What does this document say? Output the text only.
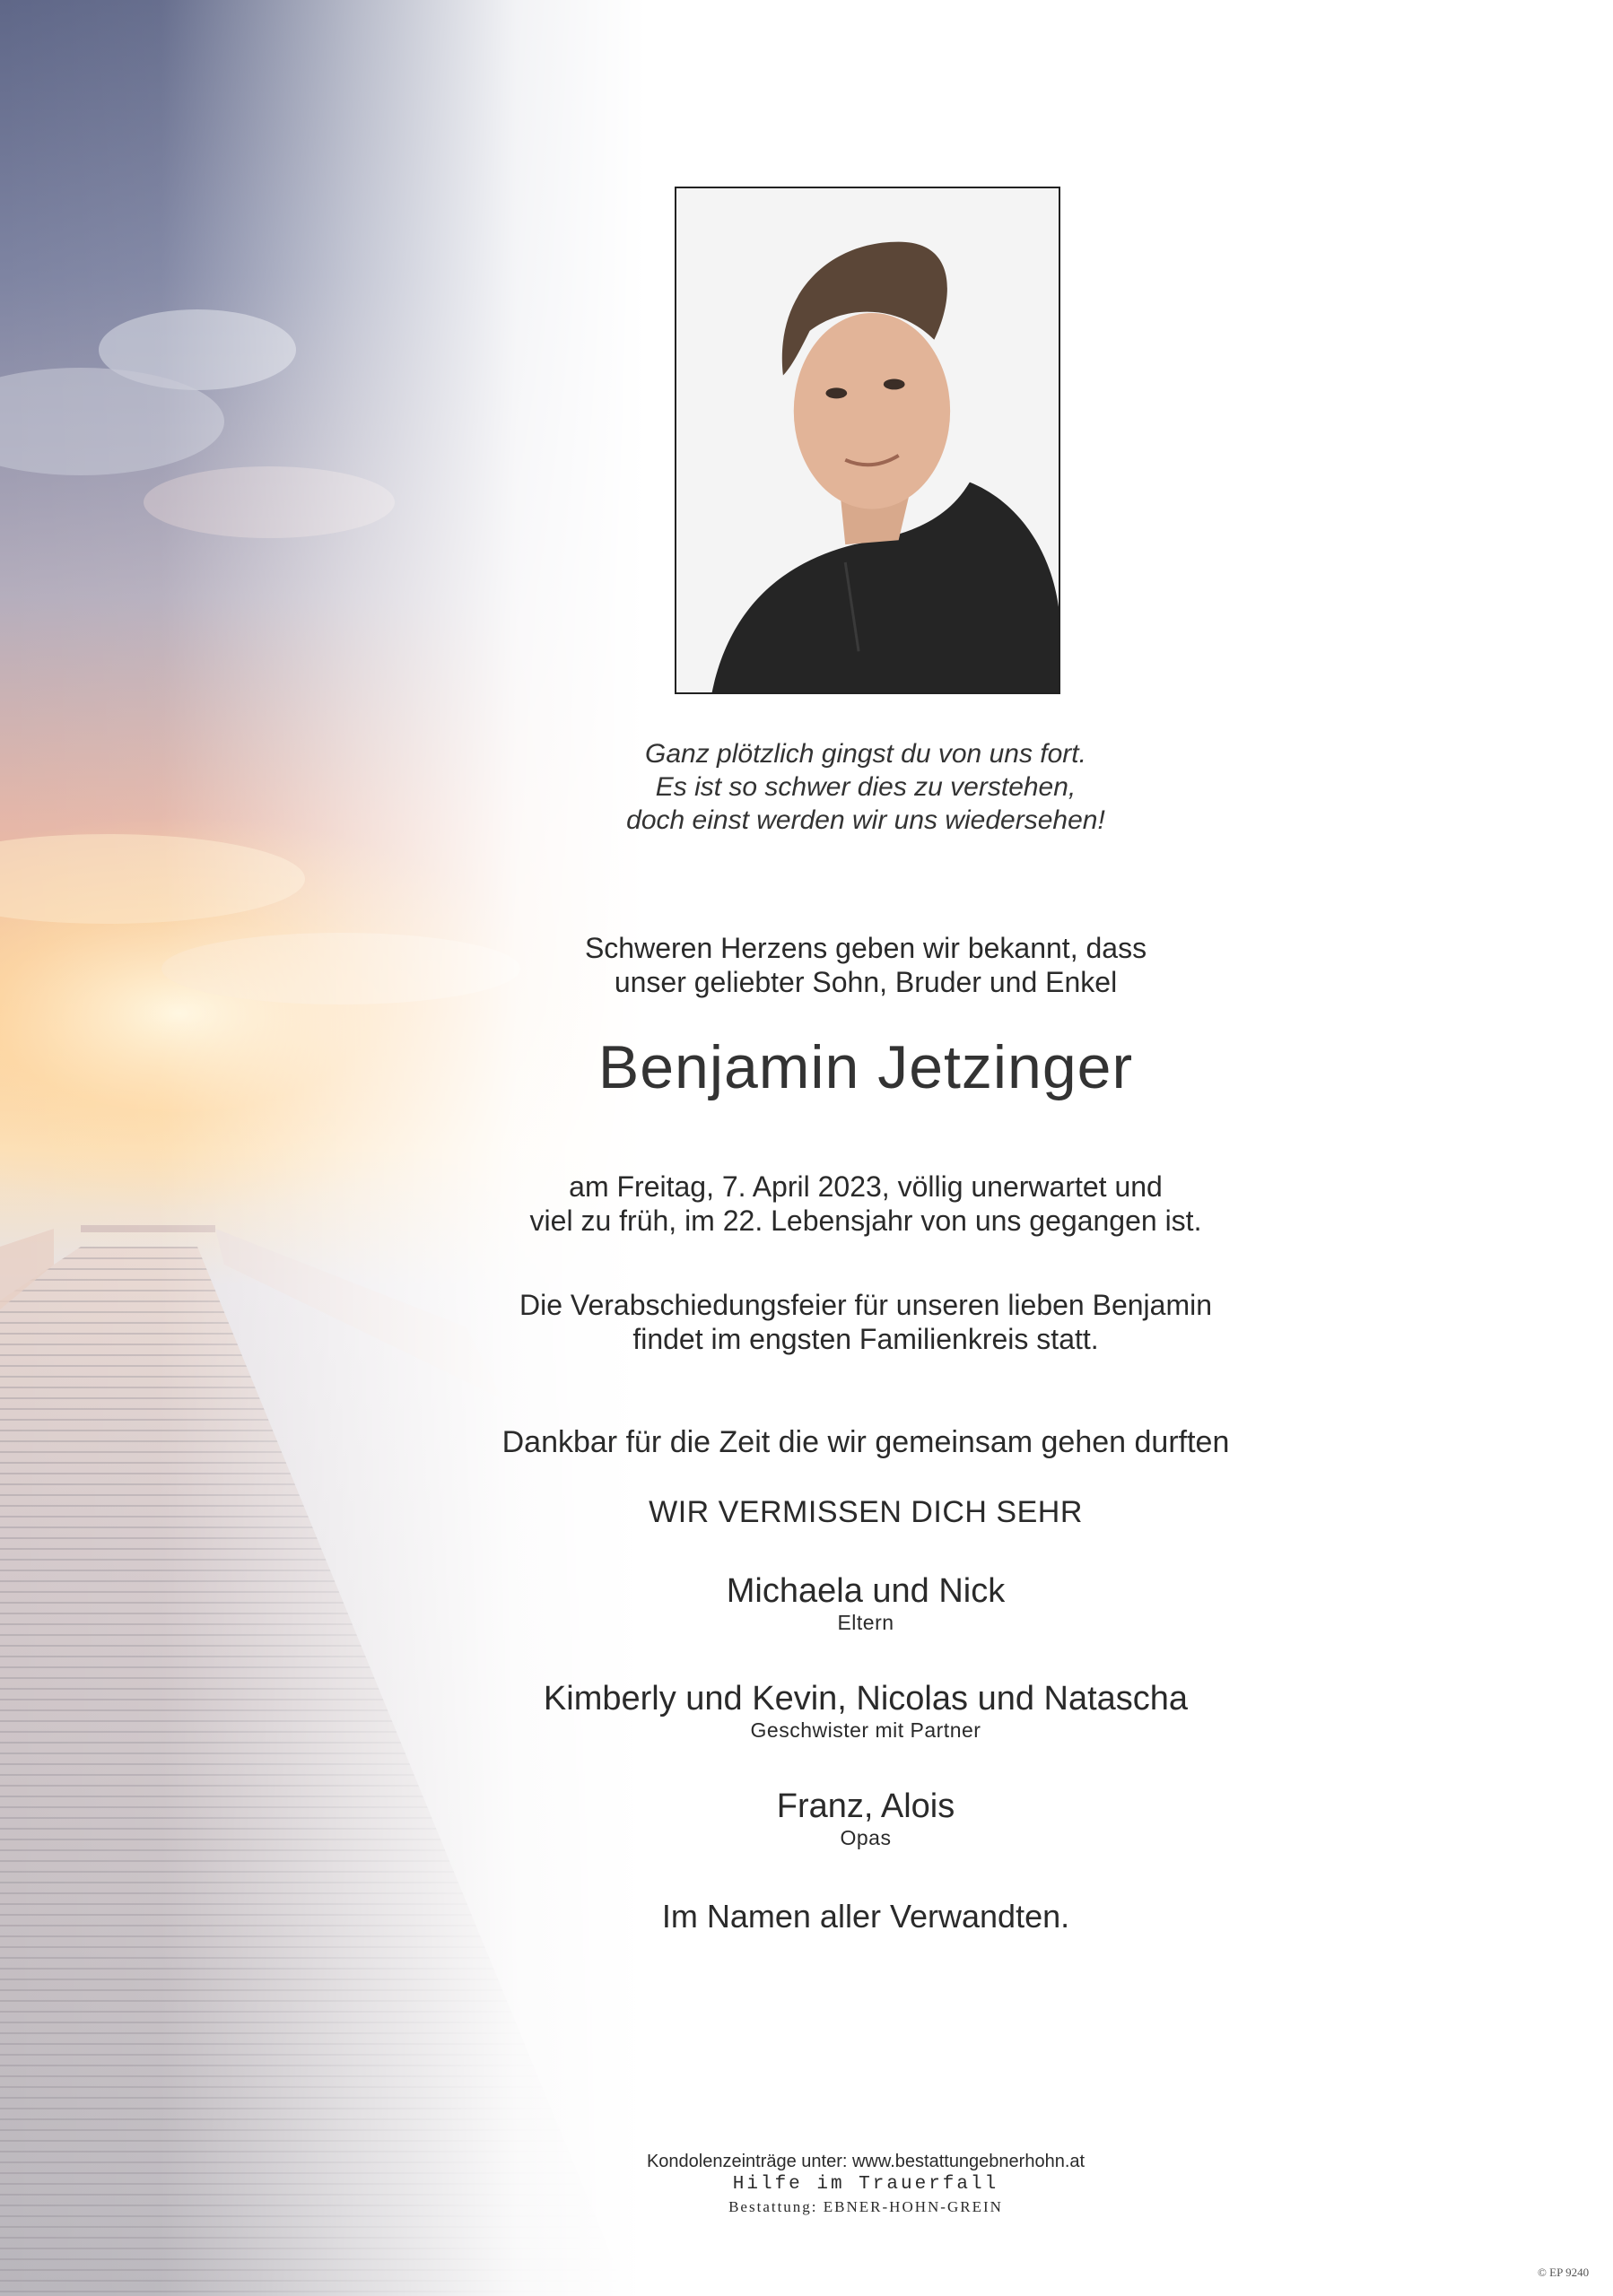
Ganz plötzlich gingst du von uns fort.
Es ist so schwer dies zu verstehen,
doch einst werden wir uns wiedersehen!
Schweren Herzens geben wir bekannt, dass
unser geliebter Sohn, Bruder und Enkel
Benjamin Jetzinger
am Freitag, 7. April 2023, völlig unerwartet und
viel zu früh, im 22. Lebensjahr von uns gegangen ist.
Die Verabschiedungsfeier für unseren lieben Benjamin
findet im engsten Familienkreis statt.
Dankbar für die Zeit die wir gemeinsam gehen durften
WIR VERMISSEN DICH SEHR
Michaela und Nick
Eltern
Kimberly und Kevin, Nicolas und Natascha
Geschwister mit Partner
Franz, Alois
Opas
Im Namen aller Verwandten.
Kondolenzeinträge unter: www.bestattungebnerhohn.at
Hilfe im Trauerfall
Bestattung: EBNER-HOHN-GREIN
© EP 9240
